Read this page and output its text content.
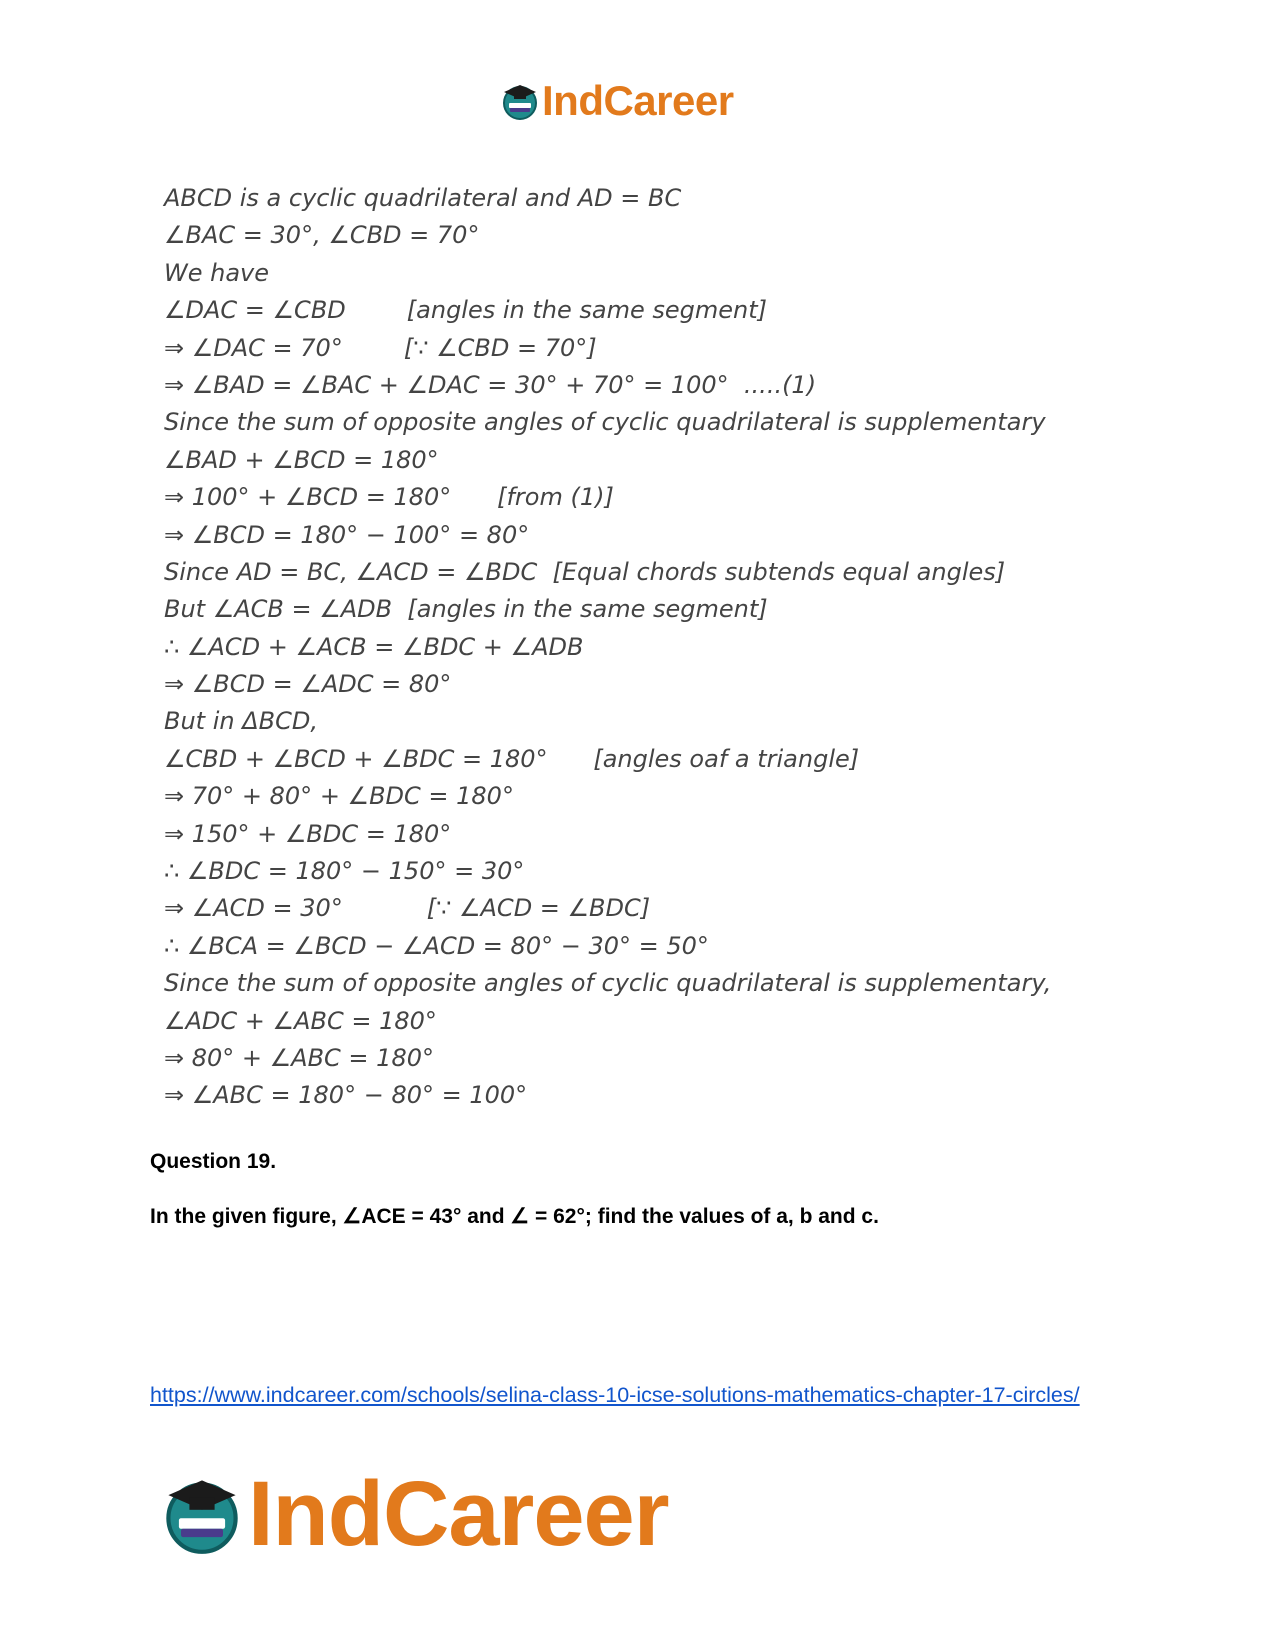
IndCareer
ABCD is a cyclic quadrilateral and AD = BC
∠BAC = 30°, ∠CBD = 70°
We have
∠DAC = ∠CBD        [angles in the same segment]
⇒ ∠DAC = 70°        [∵ ∠CBD = 70°]
⇒ ∠BAD = ∠BAC + ∠DAC = 30° + 70° = 100°  .....(1)
Since the sum of opposite angles of cyclic quadrilateral is supplementary
∠BAD + ∠BCD = 180°
⇒ 100° + ∠BCD = 180°      [from (1)]
⇒ ∠BCD = 180° − 100° = 80°
Since AD = BC, ∠ACD = ∠BDC  [Equal chords subtends equal angles]
But ∠ACB = ∠ADB  [angles in the same segment]
∴ ∠ACD + ∠ACB = ∠BDC + ∠ADB
⇒ ∠BCD = ∠ADC = 80°
But in ΔBCD,
∠CBD + ∠BCD + ∠BDC = 180°      [angles oaf a triangle]
⇒ 70° + 80° + ∠BDC = 180°
⇒ 150° + ∠BDC = 180°
∴ ∠BDC = 180° − 150° = 30°
⇒ ∠ACD = 30°           [∵ ∠ACD = ∠BDC]
∴ ∠BCA = ∠BCD − ∠ACD = 80° − 30° = 50°
Since the sum of opposite angles of cyclic quadrilateral is supplementary,
∠ADC + ∠ABC = 180°
⇒ 80° + ∠ABC = 180°
⇒ ∠ABC = 180° − 80° = 100°
Question 19.
In the given figure, ∠ACE = 43° and ∠ = 62°; find the values of a, b and c.
https://www.indcareer.com/schools/selina-class-10-icse-solutions-mathematics-chapter-17-circles/
IndCareer
